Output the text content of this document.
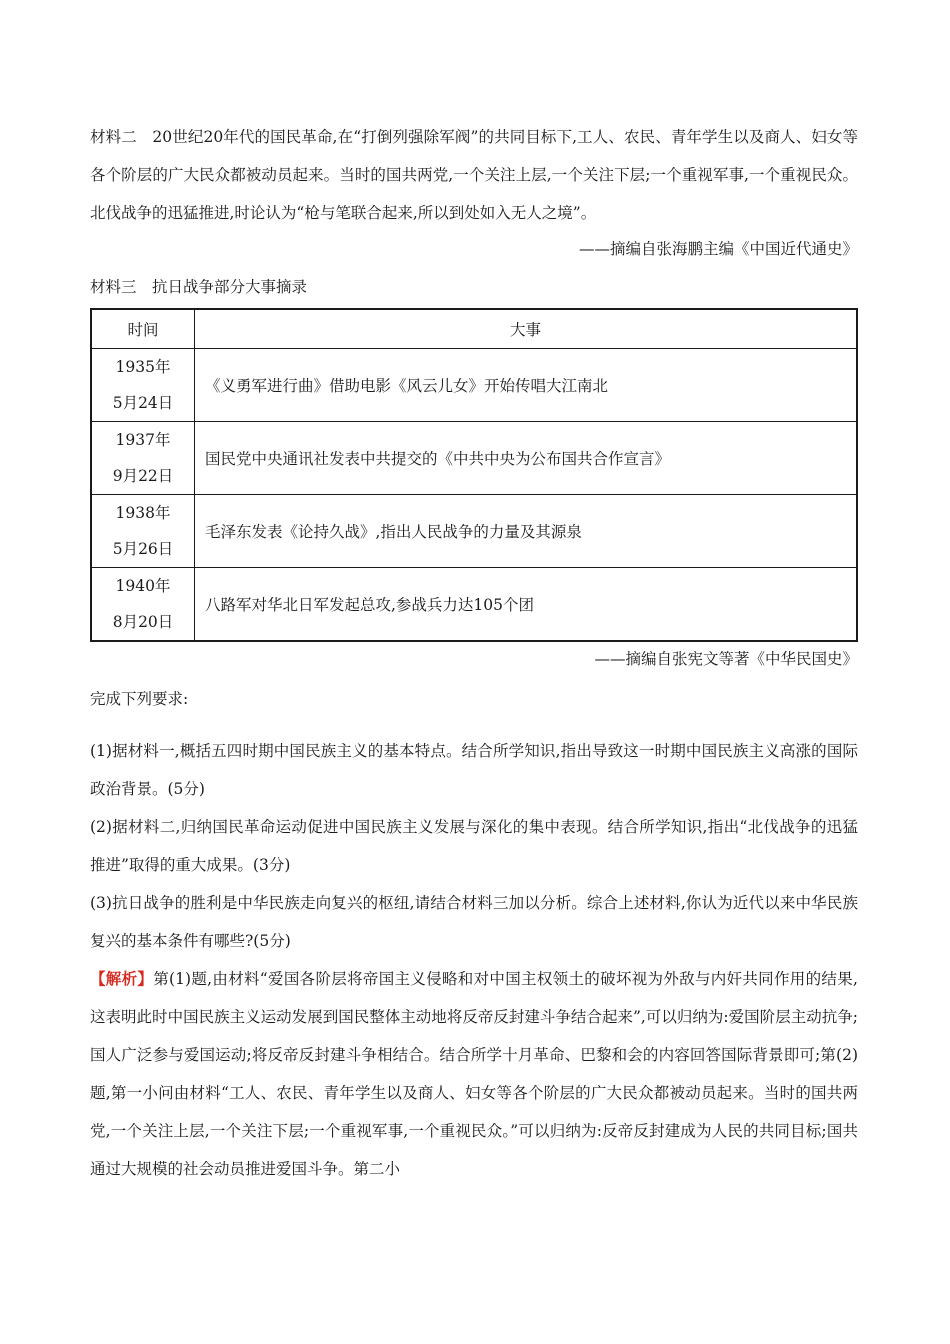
材料二　20世纪20年代的国民革命,在“打倒列强除军阀”的共同目标下,工人、农民、青年学生以及商人、妇女等各个阶层的广大民众都被动员起来。当时的国共两党,一个关注上层,一个关注下层;一个重视军事,一个重视民众。北伐战争的迅猛推进,时论认为“枪与笔联合起来,所以到处如入无人之境”。

——摘编自张海鹏主编《中国近代通史》

材料三　抗日战争部分大事摘录

时间	大事

1935年
5月24日	《义勇军进行曲》借助电影《风云儿女》开始传唱大江南北

1937年
9月22日	国民党中央通讯社发表中共提交的《中共中央为公布国共合作宣言》

1938年
5月26日	毛泽东发表《论持久战》,指出人民战争的力量及其源泉

1940年
8月20日	八路军对华北日军发起总攻,参战兵力达105个团

——摘编自张宪文等著《中华民国史》

完成下列要求:

(1)据材料一,概括五四时期中国民族主义的基本特点。结合所学知识,指出导致这一时期中国民族主义高涨的国际政治背景。(5分)

(2)据材料二,归纳国民革命运动促进中国民族主义发展与深化的集中表现。结合所学知识,指出“北伐战争的迅猛推进”取得的重大成果。(3分)

(3)抗日战争的胜利是中华民族走向复兴的枢纽,请结合材料三加以分析。综合上述材料,你认为近代以来中华民族复兴的基本条件有哪些?(5分)

【解析】第(1)题,由材料“爱国各阶层将帝国主义侵略和对中国主权领土的破坏视为外敌与内奸共同作用的结果,这表明此时中国民族主义运动发展到国民整体主动地将反帝反封建斗争结合起来”,可以归纳为:爱国阶层主动抗争;国人广泛参与爱国运动;将反帝反封建斗争相结合。结合所学十月革命、巴黎和会的内容回答国际背景即可;第(2)题,第一小问由材料“工人、农民、青年学生以及商人、妇女等各个阶层的广大民众都被动员起来。当时的国共两党,一个关注上层,一个关注下层;一个重视军事,一个重视民众。”可以归纳为:反帝反封建成为人民的共同目标;国共通过大规模的社会动员推进爱国斗争。第二小
